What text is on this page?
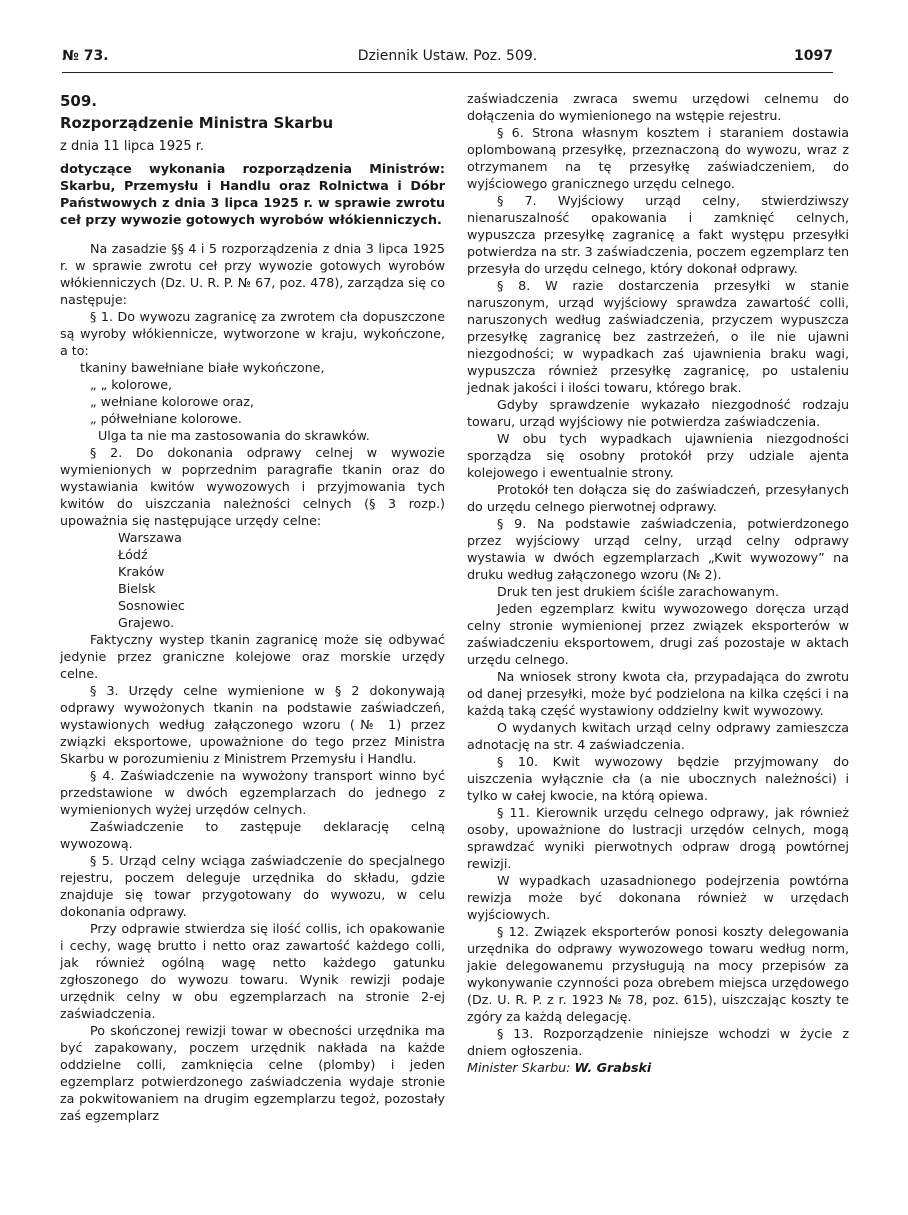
№ 73.	Dziennik Ustaw. Poz. 509.	1097

509.

Rozporządzenie Ministra Skarbu

z dnia 11 lipca 1925 r.

dotyczące wykonania rozporządzenia Ministrów: Skarbu, Przemysłu i Handlu oraz Rolnictwa i Dóbr Państwowych z dnia 3 lipca 1925 r. w sprawie zwrotu ceł przy wywozie gotowych wyrobów włókienniczych.

Na zasadzie §§ 4 i 5 rozporządzenia z dnia 3 lipca 1925 r. w sprawie zwrotu ceł przy wywozie gotowych wyrobów włókienniczych (Dz. U. R. P. № 67, poz. 478), zarządza się co następuje:

§ 1. Do wywozu zagranicę za zwrotem cła dopuszczone są wyroby włókiennicze, wytworzone w kraju, wykończone, a to:

tkaniny bawełniane białe wykończone,

„ „ kolorowe,

„ wełniane kolorowe oraz,

„ półwełniane kolorowe.

Ulga ta nie ma zastosowania do skrawków.

§ 2. Do dokonania odprawy celnej w wywozie wymienionych w poprzednim paragrafie tkanin oraz do wystawiania kwitów wywozowych i przyjmowania tych kwitów do uiszczania należności celnych (§ 3 rozp.) upoważnia się następujące urzędy celne:

Warszawa

Łódź

Kraków

Bielsk

Sosnowiec

Grajewo.

Faktyczny wystep tkanin zagranicę może się odbywać jedynie przez graniczne kolejowe oraz morskie urzędy celne.

§ 3. Urzędy celne wymienione w § 2 dokonywają odprawy wywożonych tkanin na podstawie zaświadczeń, wystawionych według załączonego wzoru (№ 1) przez związki eksportowe, upoważnione do tego przez Ministra Skarbu w porozumieniu z Ministrem Przemysłu i Handlu.

§ 4. Zaświadczenie na wywożony transport winno być przedstawione w dwóch egzemplarzach do jednego z wymienionych wyżej urzędów celnych.

Zaświadczenie to zastępuje deklarację celną wywozową.

§ 5. Urząd celny wciąga zaświadczenie do specjalnego rejestru, poczem deleguje urzędnika do składu, gdzie znajduje się towar przygotowany do wywozu, w celu dokonania odprawy.

Przy odprawie stwierdza się ilość collis, ich opakowanie i cechy, wagę brutto i netto oraz zawartość każdego colli, jak również ogólną wagę netto każdego gatunku zgłoszonego do wywozu towaru. Wynik rewizji podaje urzędnik celny w obu egzemplarzach na stronie 2-ej zaświadczenia.

Po skończonej rewizji towar w obecności urzędnika ma być zapakowany, poczem urzędnik nakłada na każde oddzielne colli, zamknięcia celne (plomby) i jeden egzemplarz potwierdzonego zaświadczenia wydaje stronie za pokwitowaniem na drugim egzemplarzu tegoż, pozostały zaś egzemplarz

zaświadczenia zwraca swemu urzędowi celnemu do dołączenia do wymienionego na wstępie rejestru.

§ 6. Strona własnym kosztem i staraniem dostawia oplombowaną przesyłkę, przeznaczoną do wywozu, wraz z otrzymanem na tę przesyłkę zaświadczeniem, do wyjściowego granicznego urzędu celnego.

§ 7. Wyjściowy urząd celny, stwierdziwszy nienaruszalność opakowania i zamknięć celnych, wypuszcza przesyłkę zagranicę a fakt występu przesyłki potwierdza na str. 3 zaświadczenia, poczem egzemplarz ten przesyła do urzędu celnego, który dokonał odprawy.

§ 8. W razie dostarczenia przesyłki w stanie naruszonym, urząd wyjściowy sprawdza zawartość colli, naruszonych według zaświadczenia, przyczem wypuszcza przesyłkę zagranicę bez zastrzeżeń, o ile nie ujawni niezgodności; w wypadkach zaś ujawnienia braku wagi, wypuszcza również przesyłkę zagranicę, po ustaleniu jednak jakości i ilości towaru, którego brak.

Gdyby sprawdzenie wykazało niezgodność rodzaju towaru, urząd wyjściowy nie potwierdza zaświadczenia.

W obu tych wypadkach ujawnienia niezgodności sporządza się osobny protokół przy udziale ajenta kolejowego i ewentualnie strony.

Protokół ten dołącza się do zaświadczeń, przesyłanych do urzędu celnego pierwotnej odprawy.

§ 9. Na podstawie zaświadczenia, potwierdzonego przez wyjściowy urząd celny, urząd celny odprawy wystawia w dwóch egzemplarzach „Kwit wywozowy” na druku według załączonego wzoru (№ 2).

Druk ten jest drukiem ściśle zarachowanym.

Jeden egzemplarz kwitu wywozowego doręcza urząd celny stronie wymienionej przez związek eksporterów w zaświadczeniu eksportowem, drugi zaś pozostaje w aktach urzędu celnego.

Na wniosek strony kwota cła, przypadająca do zwrotu od danej przesyłki, może być podzielona na kilka części i na każdą taką część wystawiony oddzielny kwit wywozowy.

O wydanych kwitach urząd celny odprawy zamieszcza adnotację na str. 4 zaświadczenia.

§ 10. Kwit wywozowy będzie przyjmowany do uiszczenia wyłącznie cła (a nie ubocznych należności) i tylko w całej kwocie, na którą opiewa.

§ 11. Kierownik urzędu celnego odprawy, jak również osoby, upoważnione do lustracji urzędów celnych, mogą sprawdzać wyniki pierwotnych odpraw drogą powtórnej rewizji.

W wypadkach uzasadnionego podejrzenia powtórna rewizja może być dokonana również w urzędach wyjściowych.

§ 12. Związek eksporterów ponosi koszty delegowania urzędnika do odprawy wywozowego towaru według norm, jakie delegowanemu przysługują na mocy przepisów za wykonywanie czynności poza obrebem miejsca urzędowego (Dz. U. R. P. z r. 1923 № 78, poz. 615), uiszczając koszty te zgóry za każdą delegację.

§ 13. Rozporządzenie niniejsze wchodzi w życie z dniem ogłoszenia.

Minister Skarbu: W. Grabski
